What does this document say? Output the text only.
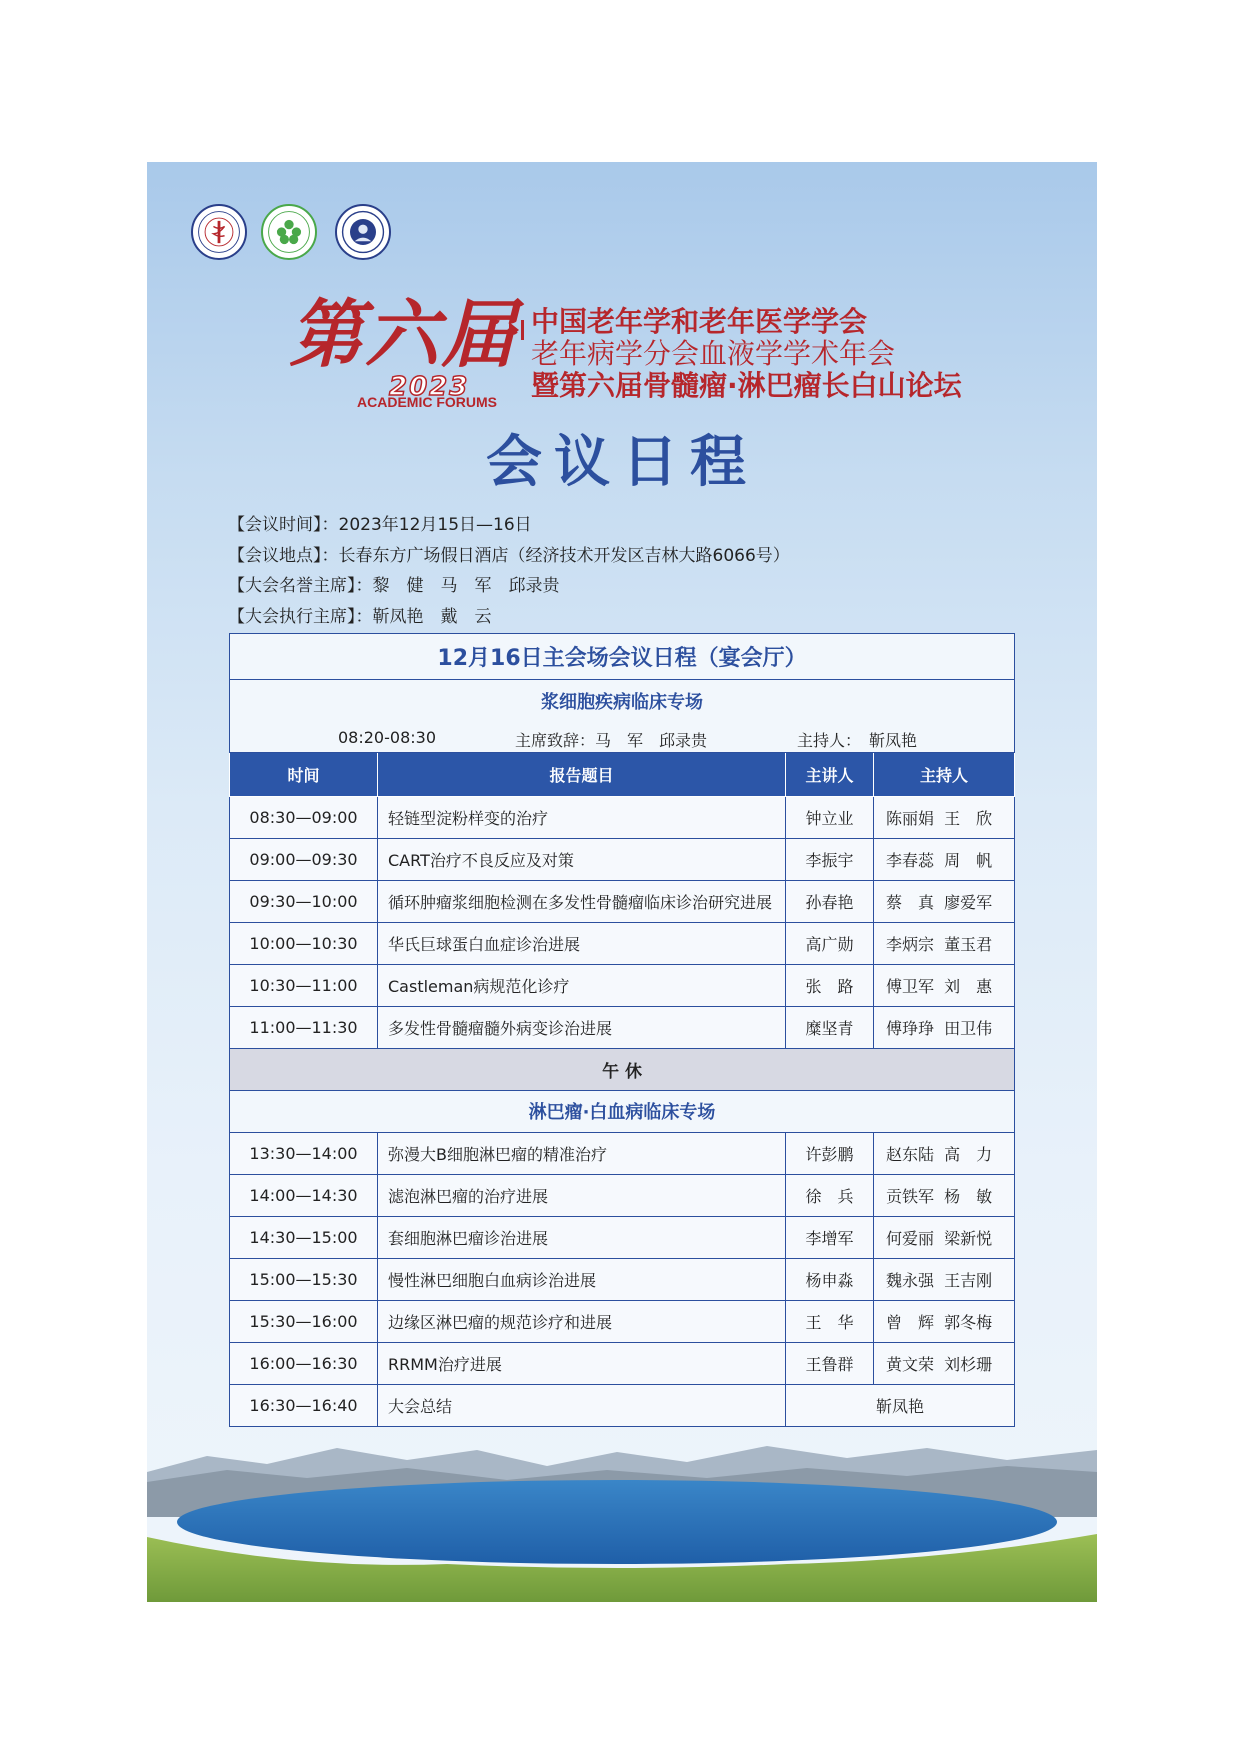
第六届
2023
ACADEMIC FORUMS
中国老年学和老年医学学会
老年病学分会血液学学术年会
暨第六届骨髓瘤·淋巴瘤长白山论坛
会议日程
【会议时间】：2023年12月15日—16日
【会议地点】：长春东方广场假日酒店（经济技术开发区吉林大路6066号）
【大会名誉主席】：黎　健　马　军　邱录贵
【大会执行主席】：靳凤艳　戴　云
12月16日主会场会议日程（宴会厅）			
浆细胞疾病临床专场			

08:20-08:30 主席致辞：马　军　邱录贵 主持人：　靳凤艳			

时间	报告题目	主讲人	主持人
08:30—09:00	轻链型淀粉样变的治疗	钟立业	陈丽娟  王　欣
09:00—09:30	CART治疗不良反应及对策	李振宇	李春蕊  周　帆
09:30—10:00	循环肿瘤浆细胞检测在多发性骨髓瘤临床诊治研究进展	孙春艳	蔡　真  廖爱军
10:00—10:30	华氏巨球蛋白血症诊治进展	高广勋	李炳宗  董玉君
10:30—11:00	Castleman病规范化诊疗	张　路	傅卫军  刘　惠
11:00—11:30	多发性骨髓瘤髓外病变诊治进展	糜坚青	傅琤琤  田卫伟
午 休			
淋巴瘤·白血病临床专场			
13:30—14:00	弥漫大B细胞淋巴瘤的精准治疗	许彭鹏	赵东陆  高　力
14:00—14:30	滤泡淋巴瘤的治疗进展	徐　兵	贡铁军  杨　敏
14:30—15:00	套细胞淋巴瘤诊治进展	李增军	何爱丽  梁新悦
15:00—15:30	慢性淋巴细胞白血病诊治进展	杨申淼	魏永强  王吉刚
15:30—16:00	边缘区淋巴瘤的规范诊疗和进展	王　华	曾　辉  郭冬梅
16:00—16:30	RRMM治疗进展	王鲁群	黄文荣  刘杉珊
16:30—16:40	大会总结	靳凤艳	
